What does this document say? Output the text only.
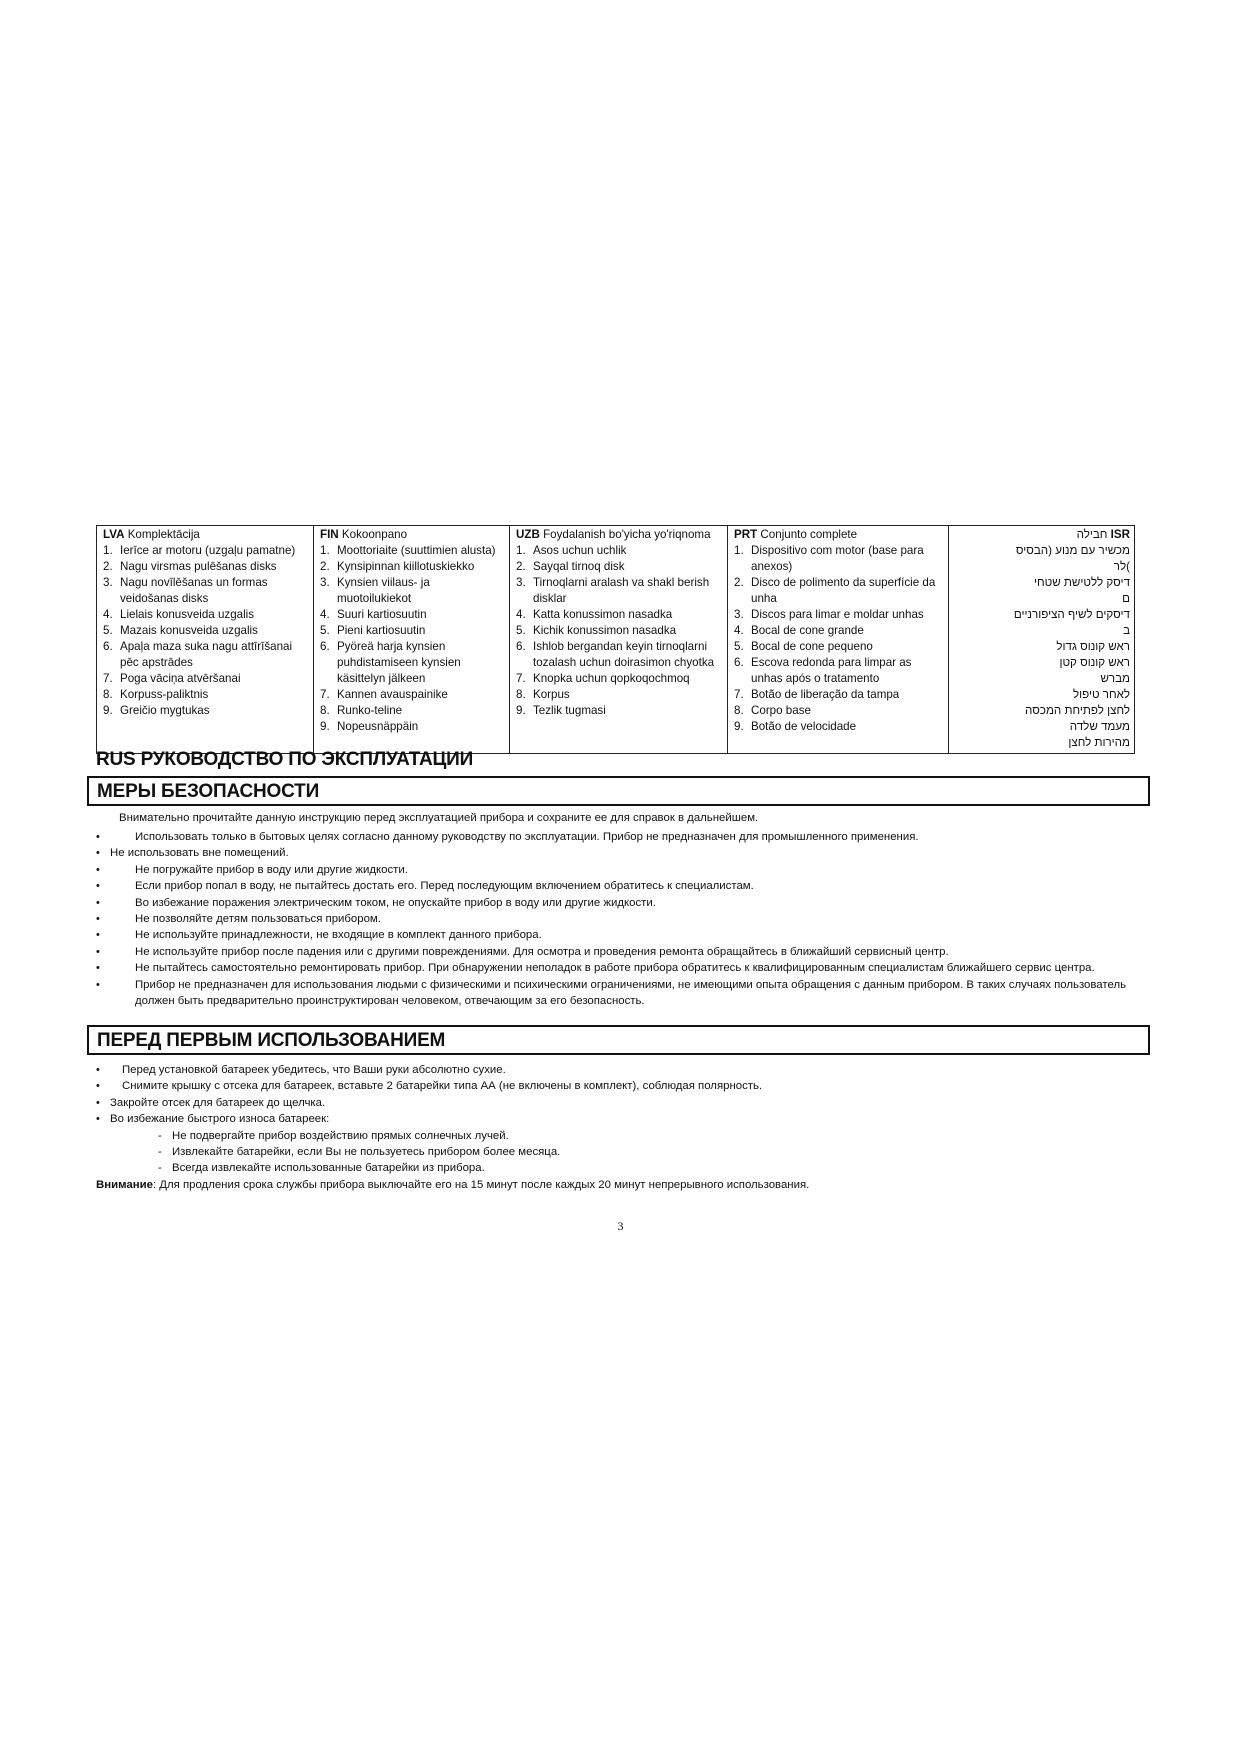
LVA Komplektācija
1. Ierīce ar motoru (uzgaļu pamatne)
2. Nagu virsmas pulēšanas disks
3. Nagu novīlēšanas un formas
veidošanas disks
4. Lielais konusveida uzgalis
5. Mazais konusveida uzgalis
6. Apaļa maza suka nagu attīrīšanai
pēc apstrādes
7. Poga vāciņa atvēršanai
8. Korpuss-paliktnis
9. Greičio mygtukas

FIN Kokoonpano
1. Moottoriaite (suuttimien alusta)
2. Kynsipinnan kiillotuskiekko
3. Kynsien viilaus- ja
muotoilukiekot
4. Suuri kartiosuutin
5. Pieni kartiosuutin
6. Pyöreä harja kynsien
puhdistamiseen kynsien
käsittelyn jälkeen
7. Kannen avauspainike
8. Runko-teline
9. Nopeusnäppäin

UZB Foydalanish bo'yicha yo'riqnoma
1. Asos uchun uchlik
2. Sayqal tirnoq disk
3. Tirnoqlarni aralash va shakl berish
disklar
4. Katta konussimon nasadka
5. Kichik konussimon nasadka
6. Ishlob bergandan keyin tirnoqlarni
tozalash uchun doirasimon chyotka
7. Knopka uchun qopkoqochmoq
8. Korpus
9. Tezlik tugmasi

PRT Conjunto complete
1. Dispositivo com motor (base para
anexos)
2. Disco de polimento da superfície da
unha
3. Discos para limar e moldar unhas
4. Bocal de cone grande
5. Bocal de cone pequeno
6. Escova redonda para limpar as
unhas após o tratamento
7. Botão de liberação da tampa
8. Corpo base
9. Botão de velocidade

ISR חבילה
מכשיר עם מנוע (הבסיס
)לר
דיסק ללטישת שטחי
ם
דיסקים לשיף הציפורניים
ב
ראש קונוס גדול
ראש קונוס קטן
מברש
לאחר טיפול
לחצן לפתיחת המכסה
מעמד שלדה
מהירות לחצן
RUS РУКОВОДСТВО ПО ЭКСПЛУАТАЦИИ
МЕРЫ БЕЗОПАСНОСТИ
Внимательно прочитайте данную инструкцию перед эксплуатацией прибора и сохраните ее для справок в дальнейшем.
•	Использовать только в бытовых целях согласно данному руководству по эксплуатации. Прибор не предназначен для промышленного применения.
• Не использовать вне помещений.
•	Не погружайте прибор в воду или другие жидкости.
•	Если прибор попал в воду, не пытайтесь достать его. Перед последующим включением обратитесь к специалистам.
•	Во избежание поражения электрическим током, не опускайте прибор в воду или другие жидкости.
•	Не позволяйте детям пользоваться прибором.
•	Не используйте принадлежности, не входящие в комплект данного прибора.
•	Не используйте прибор после падения или с другими повреждениями. Для осмотра и проведения ремонта обращайтесь в ближайший сервисный центр.
•	Не пытайтесь самостоятельно ремонтировать прибор. При обнаружении неполадок в работе прибора обратитесь к квалифицированным специалистам ближайшего сервис центра.
•	Прибор не предназначен для использования людьми с физическими и психическими ограничениями, не имеющими опыта обращения с данным прибором. В таких случаях пользователь должен быть предварительно проинструктирован человеком, отвечающим за его безопасность.
ПЕРЕД ПЕРВЫМ ИСПОЛЬЗОВАНИЕМ
•	Перед установкой батареек убедитесь, что Ваши руки абсолютно сухие.
•	Снимите крышку с отсека для батареек, вставьте 2 батарейки типа АА (не включены в комплект), соблюдая полярность.
• Закройте отсек для батареек до щелчка.
• Во избежание быстрого износа батареек:
- Не подвергайте прибор воздействию прямых солнечных лучей.
- Извлекайте батарейки, если Вы не пользуетесь прибором более месяца.
- Всегда извлекайте использованные батарейки из прибора.
Внимание: Для продления срока службы прибора выключайте его на 15 минут после каждых 20 минут непрерывного использования.
3
